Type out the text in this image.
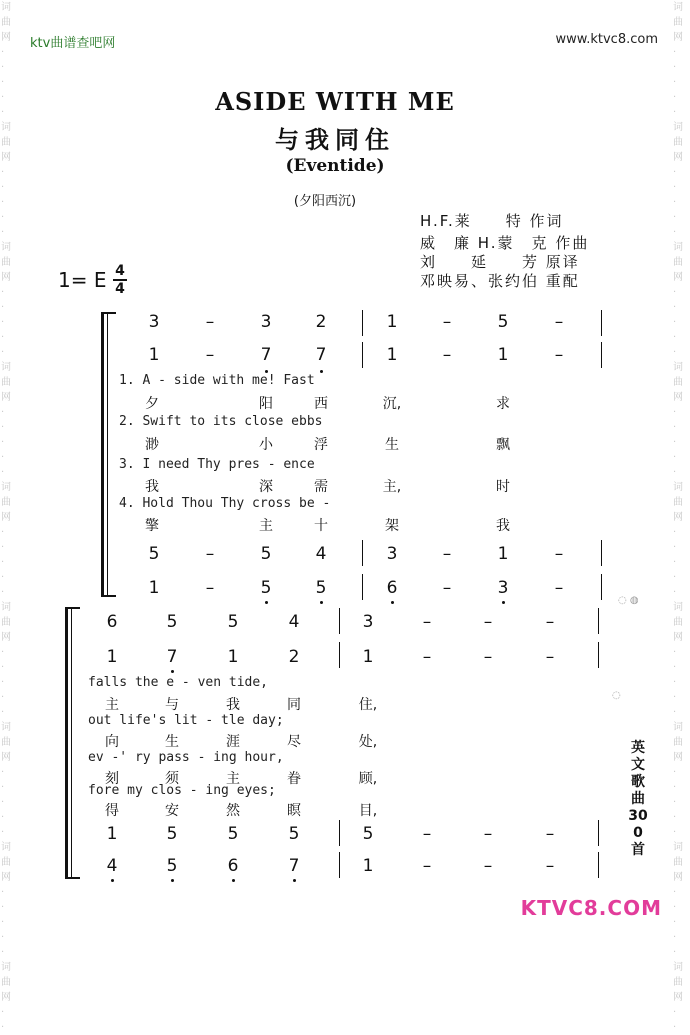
词
曲
网
·
·
·
·
·
词
曲
网
·
·
·
·
·
词
曲
网
·
·
·
·
·
词
曲
网
·
·
·
·
·
词
曲
网
·
·
·
·
·
词
曲
网
·
·
·
·
·
词
曲
网
·
·
·
·
·
词
曲
网
·
·
·
·
·
词
曲
网
·
·
词
曲
网
·
·
·
·
·
词
曲
网
·
·
·
·
·
词
曲
网
·
·
·
·
·
词
曲
网
·
·
·
·
·
词
曲
网
·
·
·
·
·
词
曲
网
·
·
·
·
·
词
曲
网
·
·
·
·
·
词
曲
网
·
·
·
·
·
词
曲
网
·
·
ktv曲谱查吧网	www.ktvc8.com
ASIDE WITH ME
与我同住
(Eventide)
(夕阳西沉)
H.F.莱　　特 作词
威　廉 H.蒙　克 作曲
刘　　延　　芳 原译
邓映易、张约伯 重配
1= E 4
4
3	–	3	2	1	–	5	–
1	–	7	7	1	–	1	–
1. A - side with me! Fast
夕	阳	西	沉,	求
2. Swift to its close ebbs
渺	小	浮	生	飘
3. I need Thy pres - ence
我	深	需	主,	时
4. Hold Thou Thy cross be -
擎	主	十	架	我
5	–	5	4	3	–	1	–
1	–	5	5	6	–	3	–
6	5	5	4	3	–	–	–
1	7	1	2	1	–	–	–
falls the e - ven tide,
主	与	我	同	住,
out life's lit - tle day;
向	生	涯	尽	处,
ev -' ry pass - ing hour,
刻	须	主	眷	顾,
fore my clos - ing eyes;
得	安	然	瞑	目,
1	5	5	5	5	–	–	–
4	5	6	7	1	–	–	–
◌ ◍
◌
英文歌曲300首
KTVC8.COM
